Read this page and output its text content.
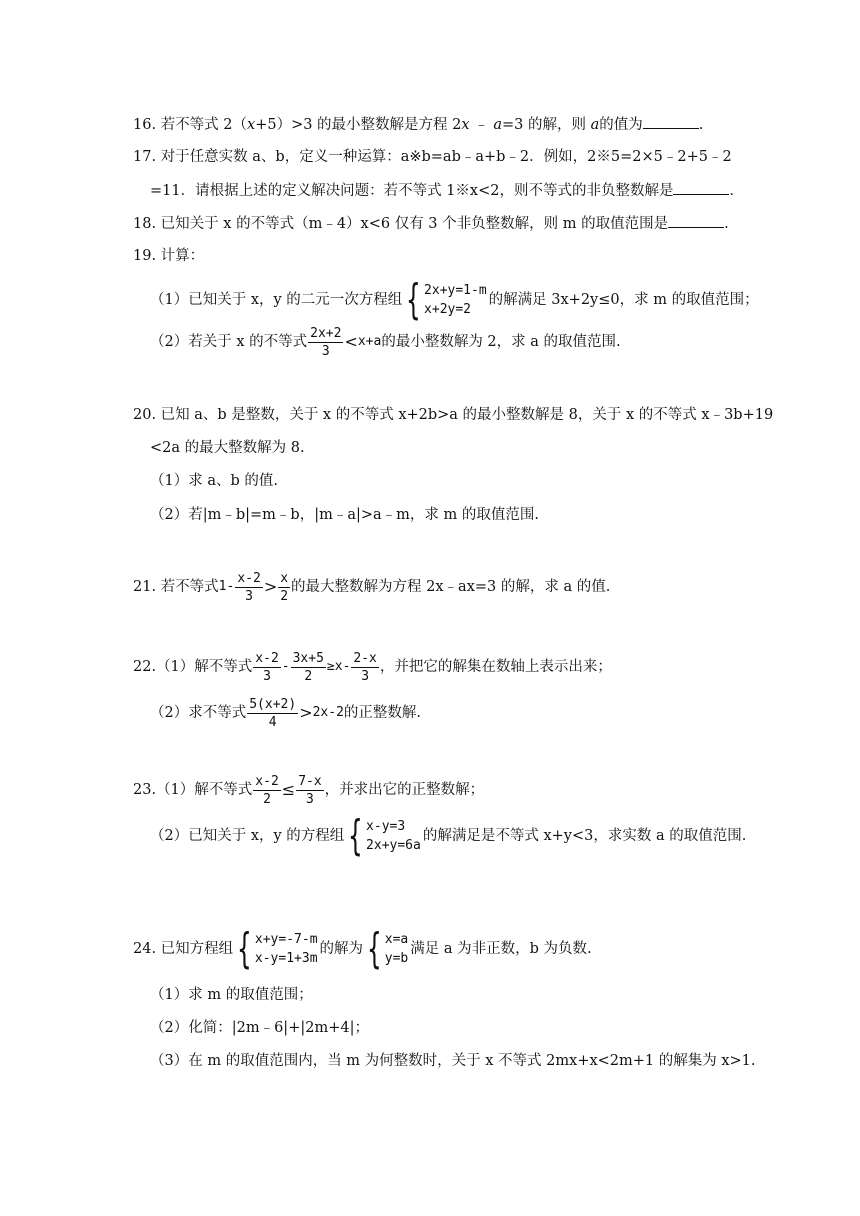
16. 若不等式 2（x+5）>3 的最小整数解是方程 2x ﹣ a=3 的解，则 a的值为	.
17. 对于任意实数 a、b，定义一种运算：a※b=ab﹣a+b﹣2．例如，2※5=2×5﹣2+5﹣2
=11．请根据上述的定义解决问题：若不等式 1※x<2，则不等式的非负整数解是	．
18. 已知关于 x 的不等式（m﹣4）x<6 仅有 3 个非负整数解，则 m 的取值范围是	.
19. 计算：
（1）已知关于 x，y 的二元一次方程组 { 2x+y=1-m
x+2y=2
的解满足 3x+2y≤0，求 m 的取值范围；
（2）若关于 x 的不等式 $\frac{2x+2}{3} < x+a$ 的最小整数解为 2，求 a 的取值范围.
20. 已知 a、b 是整数，关于 x 的不等式 x+2b>a 的最小整数解是 8，关于 x 的不等式 x﹣3b+19
<2a 的最大整数解为 8.
（1）求 a、b 的值.
（2）若|m﹣b|=m﹣b，|m﹣a|>a﹣m，求 m 的取值范围.
21.
若不等式 $1- \frac{x-2}{3} > \frac{x}{2}$ 的最大整数解为方程 2x﹣ax=3 的解，求 a 的值.
22. （1）解不等式 $\frac{x-2}{3} - \frac{3x+5}{2} \ge x- \frac{2-x}{3}$ ，并把它的解集在数轴上表示出来；
（2）求不等式 $\frac{5(x+2)}{4} > 2x-2$ 的正整数解.
23. （1）解不等式 $\frac{x-2}{2} \le \frac{7-x}{3}$ ，并求出它的正整数解；
（2）已知关于 x，y 的方程组 { x-y=3
2x+y=6a
的解满足是不等式 x+y<3，求实数 a 的取值范围.
24.
已知方程组 { x+y=-7-m
x-y=1+3m
的解为 { x=a
y=b
满足 a 为非正数，b 为负数.
（1）求 m 的取值范围；
（2）化简：|2m﹣6|+|2m+4|；
（3）在 m 的取值范围内，当 m 为何整数时，关于 x 不等式 2mx+x<2m+1 的解集为 x>1.
